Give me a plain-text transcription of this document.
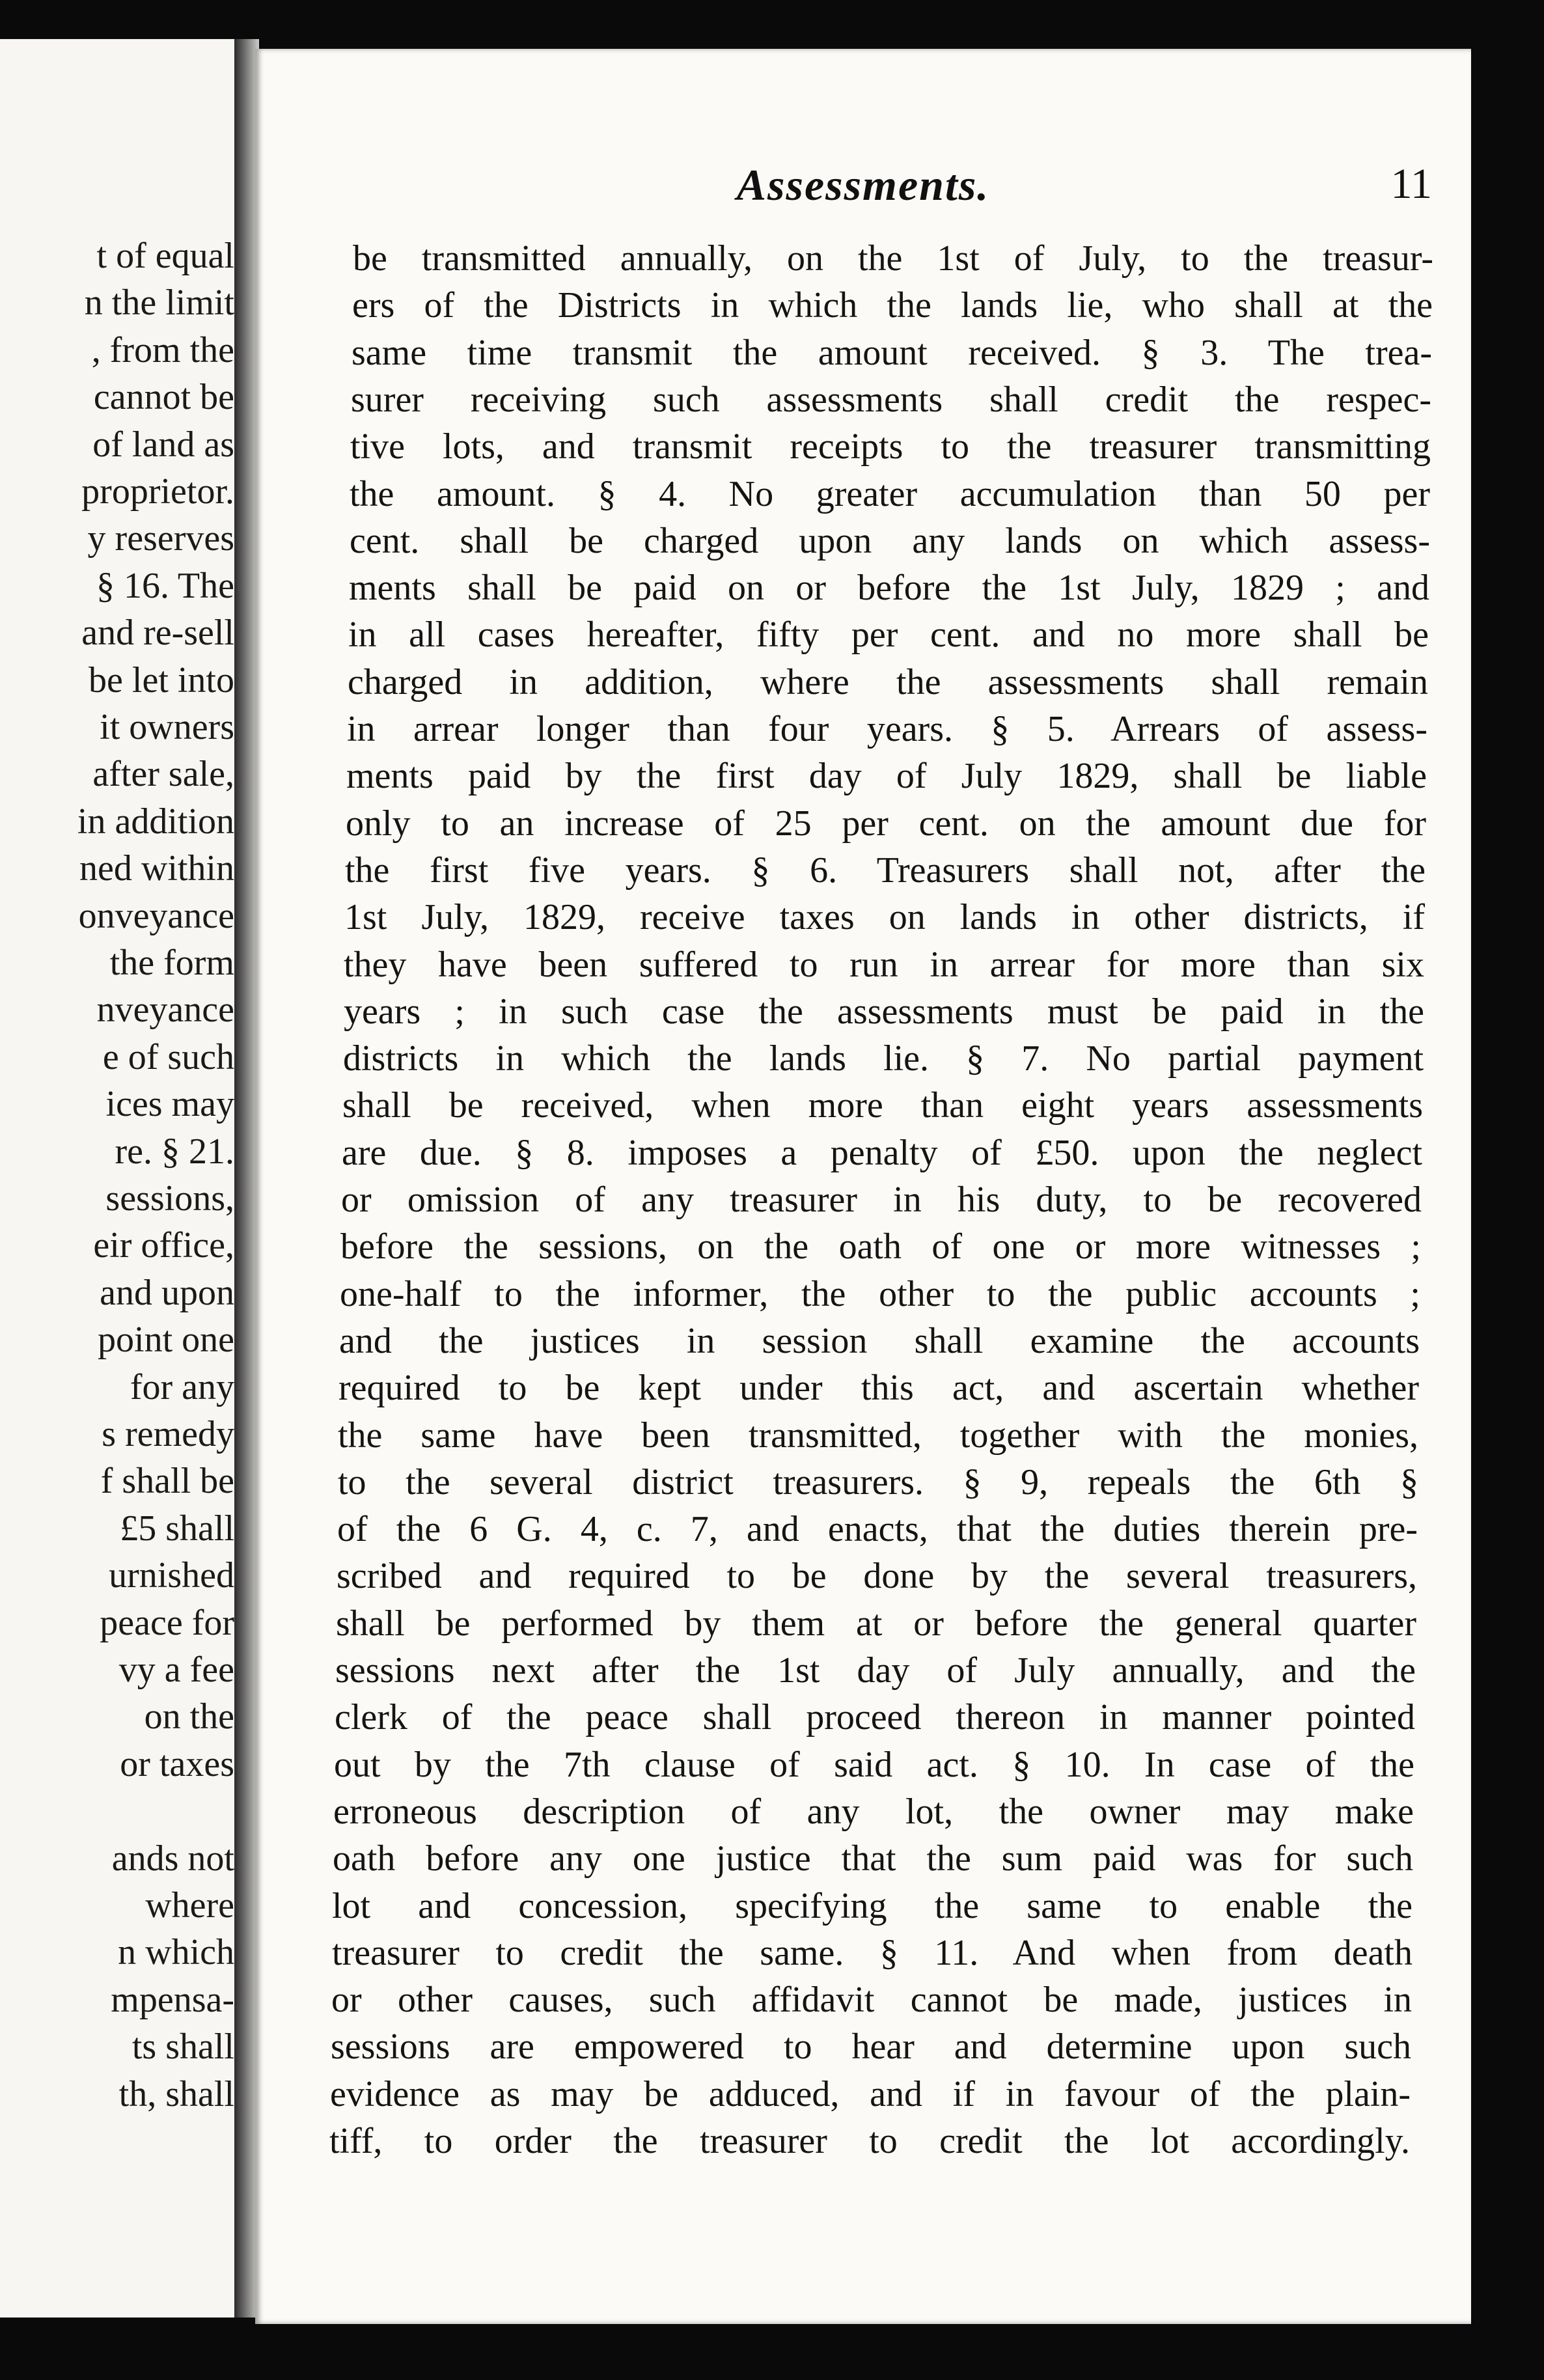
t of equal
n the limit
, from the
cannot be
of land as
proprietor.
y reserves
§ 16. The
and re-sell
be let into
it owners
after sale,
in addition
ned within
onveyance
the form
nveyance
e of such
ices may
re. § 21.
sessions,
eir office,
and upon
point one
for any
s remedy
f shall be
£5 shall
urnished
peace for
vy a fee
on the
or taxes
ands not
where
n which
mpensa-
ts shall
th, shall
Assessments.	11
be transmitted annually, on the 1st of July, to the treasur-
ers of the Districts in which the lands lie, who shall at the
same time transmit the amount received. § 3. The trea-
surer receiving such assessments shall credit the respec-
tive lots, and transmit receipts to the treasurer transmitting
the amount. § 4. No greater accumulation than 50 per
cent. shall be charged upon any lands on which assess-
ments shall be paid on or before the 1st July, 1829 ; and
in all cases hereafter, fifty per cent. and no more shall be
charged in addition, where the assessments shall remain
in arrear longer than four years. § 5. Arrears of assess-
ments paid by the first day of July 1829, shall be liable
only to an increase of 25 per cent. on the amount due for
the first five years. § 6. Treasurers shall not, after the
1st July, 1829, receive taxes on lands in other districts, if
they have been suffered to run in arrear for more than six
years ; in such case the assessments must be paid in the
districts in which the lands lie. § 7. No partial payment
shall be received, when more than eight years assessments
are due. § 8. imposes a penalty of £50. upon the neglect
or omission of any treasurer in his duty, to be recovered
before the sessions, on the oath of one or more witnesses ;
one-half to the informer, the other to the public accounts ;
and the justices in session shall examine the accounts
required to be kept under this act, and ascertain whether
the same have been transmitted, together with the monies,
to the several district treasurers. § 9, repeals the 6th §
of the 6 G. 4, c. 7, and enacts, that the duties therein pre-
scribed and required to be done by the several treasurers,
shall be performed by them at or before the general quarter
sessions next after the 1st day of July annually, and the
clerk of the peace shall proceed thereon in manner pointed
out by the 7th clause of said act. § 10. In case of the
erroneous description of any lot, the owner may make
oath before any one justice that the sum paid was for such
lot and concession, specifying the same to enable the
treasurer to credit the same. § 11. And when from death
or other causes, such affidavit cannot be made, justices in
sessions are empowered to hear and determine upon such
evidence as may be adduced, and if in favour of the plain-
tiff, to order the treasurer to credit the lot accordingly.
